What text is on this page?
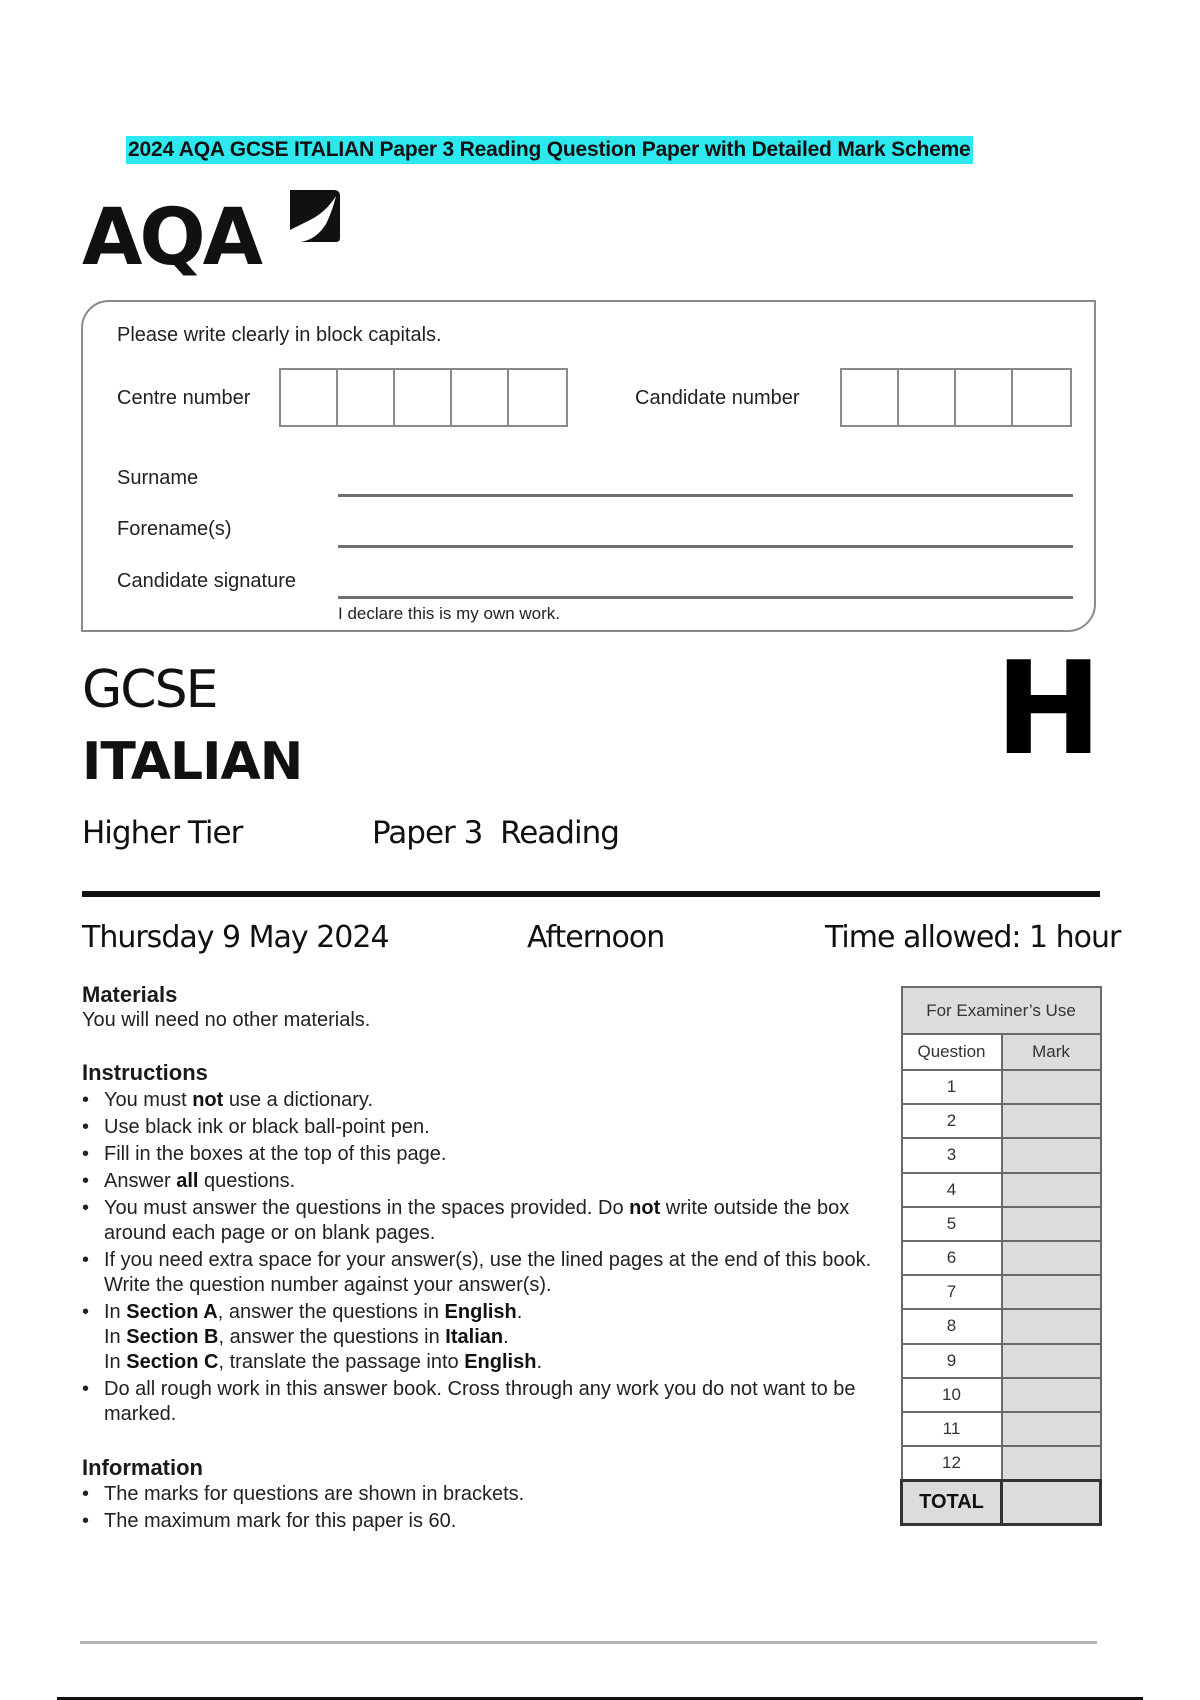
2024 AQA GCSE ITALIAN Paper 3 Reading Question Paper with Detailed Mark Scheme
AQA
Please write clearly in block capitals.
Centre number	Candidate number
Surname
Forename(s)
Candidate signature
I declare this is my own work.
GCSE
ITALIAN	H
Higher Tier	Paper 3  Reading
Thursday 9 May 2024	Afternoon	Time allowed: 1 hour
Materials
You will need no other materials.
Instructions
• You must not use a dictionary.
• Use black ink or black ball-point pen.
• Fill in the boxes at the top of this page.
• Answer all questions.
• You must answer the questions in the spaces provided. Do not write outside the box around each page or on blank pages.
• If you need extra space for your answer(s), use the lined pages at the end of this book. Write the question number against your answer(s).
• In Section A, answer the questions in English.
In Section B, answer the questions in Italian.
In Section C, translate the passage into English.
• Do all rough work in this answer book. Cross through any work you do not want to be marked.
Information
• The marks for questions are shown in brackets.
• The maximum mark for this paper is 60.
For Examiner’s Use	
Question	Mark
1	
2	
3	
4	
5	
6	
7	
8	
9	
10	
11	
12	
TOTAL	
